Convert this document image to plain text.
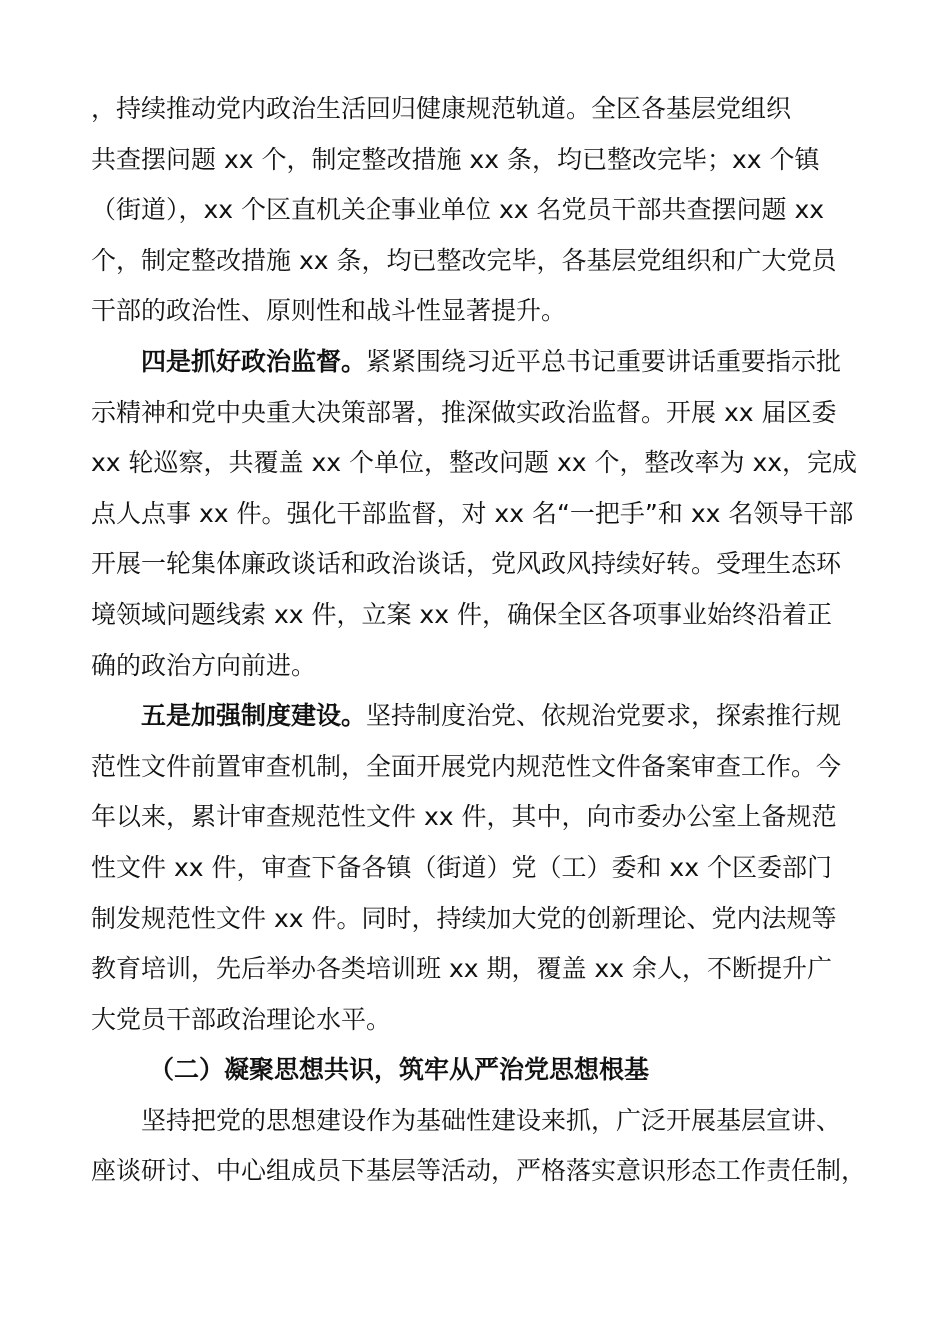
，持续推动党内政治生活回归健康规范轨道。全区各基层党组织
共查摆问题 xx 个，制定整改措施 xx 条，均已整改完毕；xx 个镇
（街道），xx 个区直机关企事业单位 xx 名党员干部共查摆问题 xx
个，制定整改措施 xx 条，均已整改完毕，各基层党组织和广大党员
干部的政治性、原则性和战斗性显著提升。
四是抓好政治监督。紧紧围绕习近平总书记重要讲话重要指示批
示精神和党中央重大决策部署，推深做实政治监督。开展 xx 届区委
xx 轮巡察，共覆盖 xx 个单位，整改问题 xx 个，整改率为 xx，完成
点人点事 xx 件。强化干部监督，对 xx 名“一把手”和 xx 名领导干部
开展一轮集体廉政谈话和政治谈话，党风政风持续好转。受理生态环
境领域问题线索 xx 件，立案 xx 件，确保全区各项事业始终沿着正
确的政治方向前进。
五是加强制度建设。坚持制度治党、依规治党要求，探索推行规
范性文件前置审查机制，全面开展党内规范性文件备案审查工作。今
年以来，累计审查规范性文件 xx 件，其中，向市委办公室上备规范
性文件 xx 件，审查下备各镇（街道）党（工）委和 xx 个区委部门
制发规范性文件 xx 件。同时，持续加大党的创新理论、党内法规等
教育培训，先后举办各类培训班 xx 期，覆盖 xx 余人，不断提升广
大党员干部政治理论水平。
（二）凝聚思想共识，筑牢从严治党思想根基
坚持把党的思想建设作为基础性建设来抓，广泛开展基层宣讲、
座谈研讨、中心组成员下基层等活动，严格落实意识形态工作责任制，
